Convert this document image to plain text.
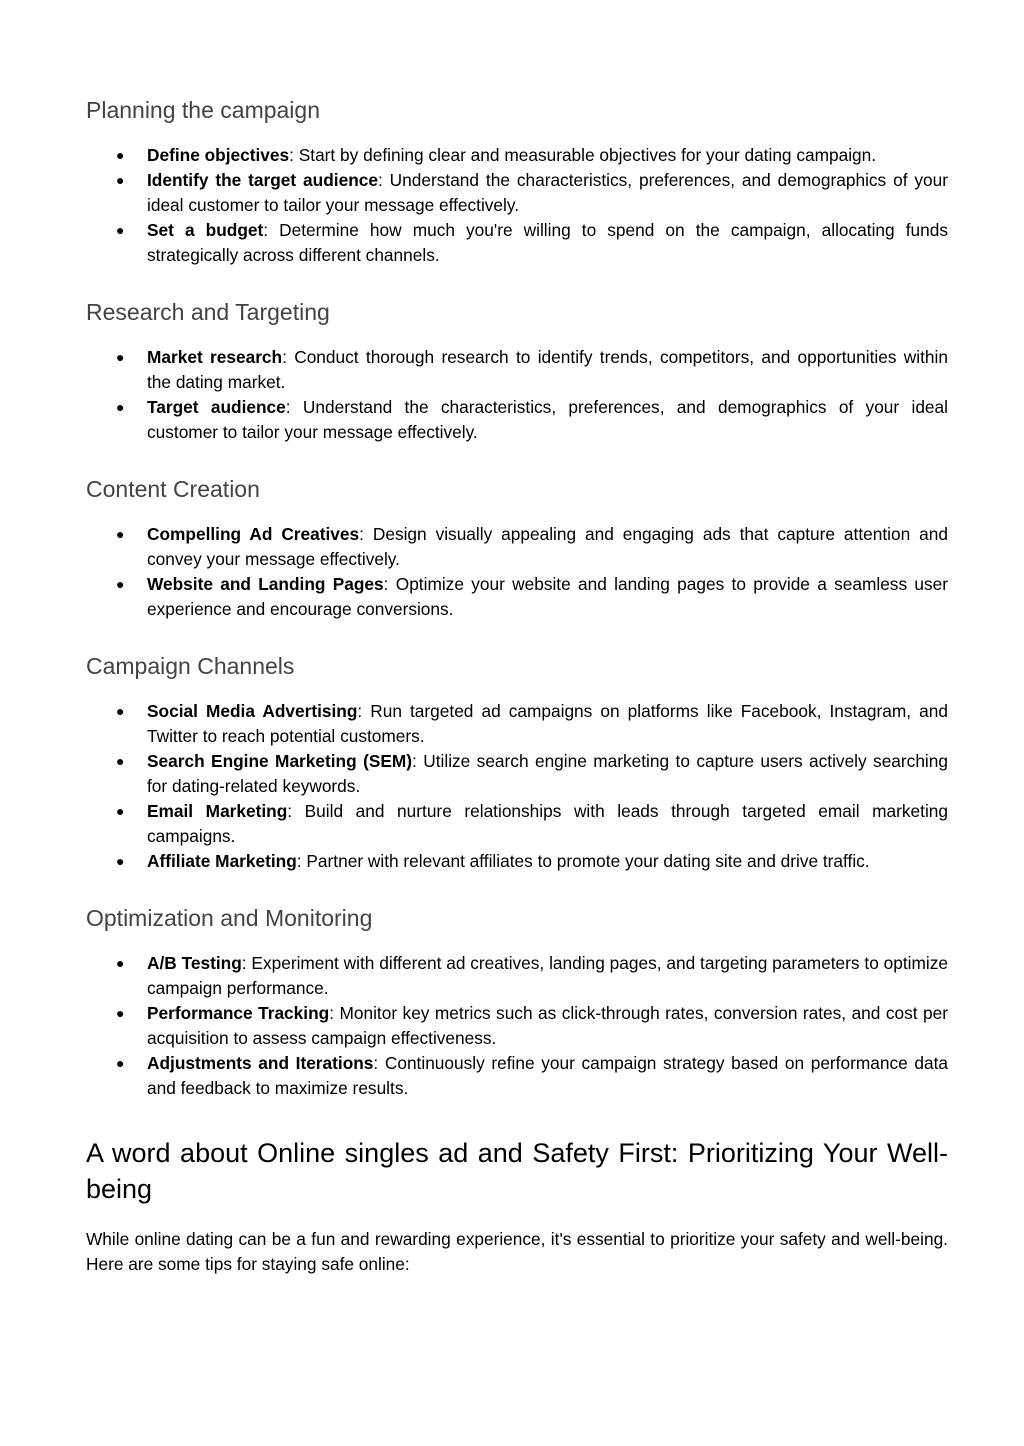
Planning the campaign
● Define objectives: Start by defining clear and measurable objectives for your dating campaign.
● Identify the target audience: Understand the characteristics, preferences, and demographics of your ideal customer to tailor your message effectively.
● Set a budget: Determine how much you're willing to spend on the campaign, allocating funds strategically across different channels.
Research and Targeting
● Market research: Conduct thorough research to identify trends, competitors, and opportunities within the dating market.
● Target audience: Understand the characteristics, preferences, and demographics of your ideal customer to tailor your message effectively.
Content Creation
● Compelling Ad Creatives: Design visually appealing and engaging ads that capture attention and convey your message effectively.
● Website and Landing Pages: Optimize your website and landing pages to provide a seamless user experience and encourage conversions.
Campaign Channels
● Social Media Advertising: Run targeted ad campaigns on platforms like Facebook, Instagram, and Twitter to reach potential customers.
● Search Engine Marketing (SEM): Utilize search engine marketing to capture users actively searching for dating-related keywords.
● Email Marketing: Build and nurture relationships with leads through targeted email marketing campaigns.
● Affiliate Marketing: Partner with relevant affiliates to promote your dating site and drive traffic.
Optimization and Monitoring
● A/B Testing: Experiment with different ad creatives, landing pages, and targeting parameters to optimize campaign performance.
● Performance Tracking: Monitor key metrics such as click-through rates, conversion rates, and cost per acquisition to assess campaign effectiveness.
● Adjustments and Iterations: Continuously refine your campaign strategy based on performance data and feedback to maximize results.
A word about Online singles ad and Safety First: Prioritizing Your Well-being

While online dating can be a fun and rewarding experience, it's essential to prioritize your safety and well-being. Here are some tips for staying safe online:
